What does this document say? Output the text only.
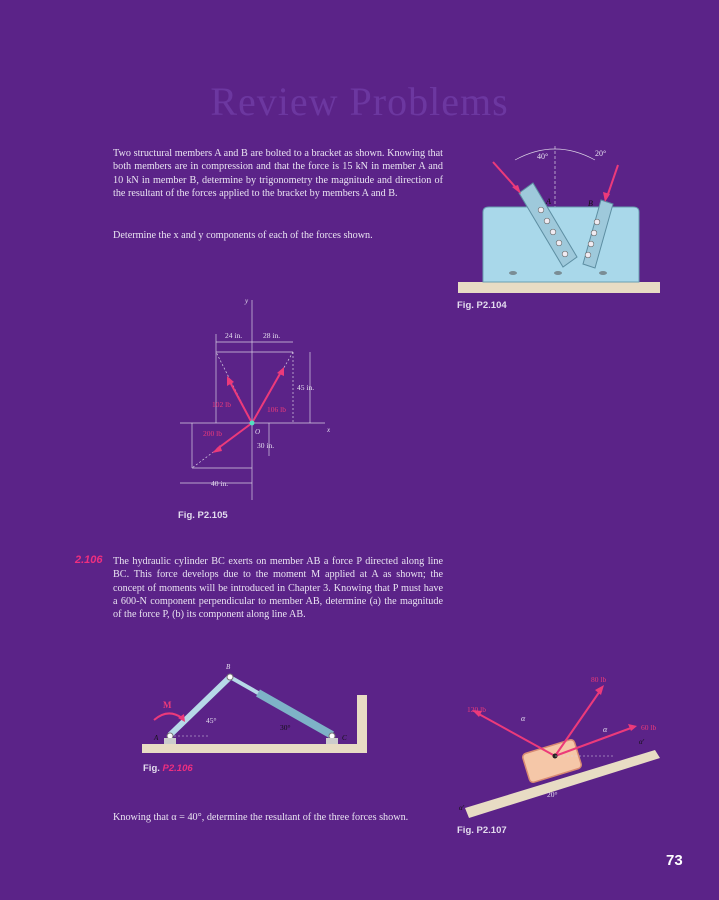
Review Problems
Two structural members A and B are bolted to a bracket as shown. Knowing that both members are in compression and that the force is 15 kN in member A and 10 kN in member B, determine by trigonometry the magnitude and direction of the resultant of the forces applied to the bracket by members A and B.
Determine the x and y components of each of the forces shown.
40°	20°
A	B
Fig. P2.104
y
x
O
24 in.	28 in.
45 in.
30 in.
40 in.
102 lb
106 lb
200 lb
Fig. P2.105
2.106 The hydraulic cylinder BC exerts on member AB a force P directed along line BC. This force develops due to the moment M applied at A as shown; the concept of moments will be introduced in Chapter 3. Knowing that P must have a 600-N component perpendicular to member AB, determine (a) the magnitude of the force P, (b) its component along line AB.
M
A
B
C
45°
30°
Fig. P2.106
80 lb
120 lb
60 lb
α
α
α'
α'
20°
Fig. P2.107
Knowing that α = 40°, determine the resultant of the three forces shown.
73
